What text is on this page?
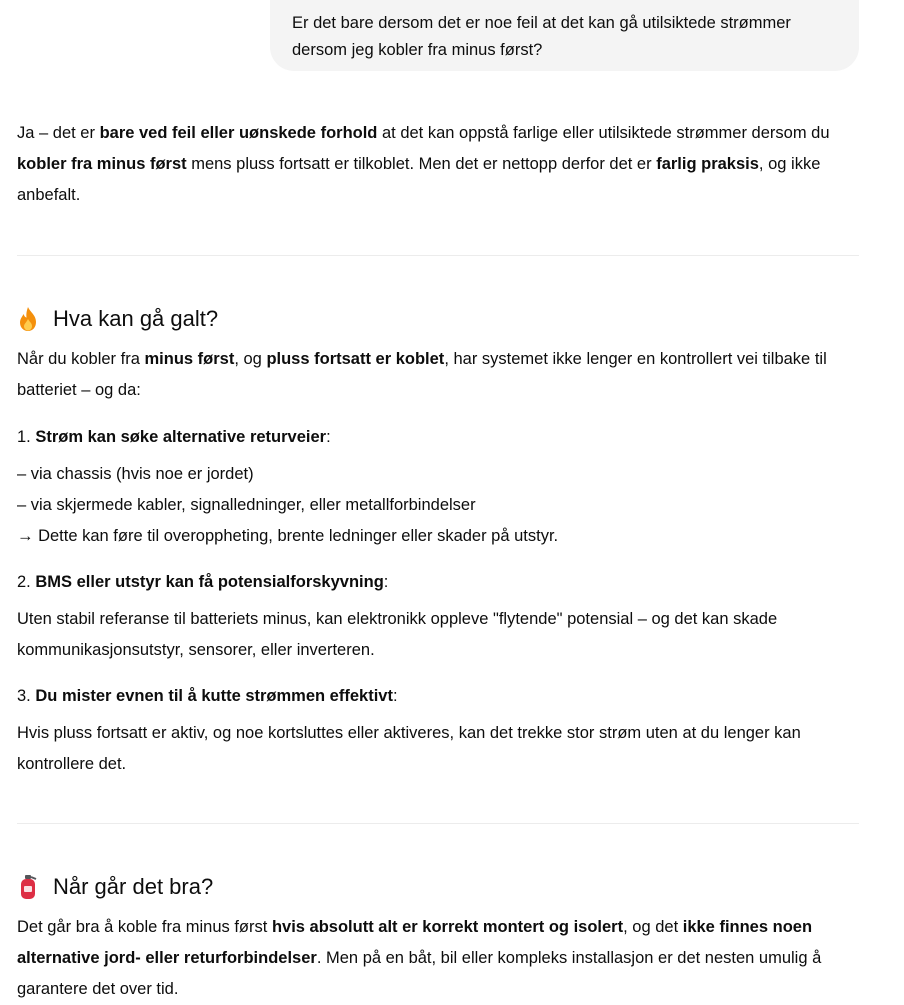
Er det bare dersom det er noe feil at det kan gå utilsiktede strømmer dersom jeg kobler fra minus først?

Ja – det er bare ved feil eller uønskede forhold at det kan oppstå farlige eller utilsiktede strømmer dersom du kobler fra minus først mens pluss fortsatt er tilkoblet. Men det er nettopp derfor det er farlig praksis, og ikke anbefalt.

Hva kan gå galt?

Når du kobler fra minus først, og pluss fortsatt er koblet, har systemet ikke lenger en kontrollert vei tilbake til batteriet – og da:

1. Strøm kan søke alternative returveier:

– via chassis (hvis noe er jordet)

– via skjermede kabler, signalledninger, eller metallforbindelser

→ Dette kan føre til overoppheting, brente ledninger eller skader på utstyr.

2. BMS eller utstyr kan få potensialforskyvning:

Uten stabil referanse til batteriets minus, kan elektronikk oppleve "flytende" potensial – og det kan skade kommunikasjonsutstyr, sensorer, eller inverteren.

3. Du mister evnen til å kutte strømmen effektivt:

Hvis pluss fortsatt er aktiv, og noe kortsluttes eller aktiveres, kan det trekke stor strøm uten at du lenger kan kontrollere det.

Når går det bra?

Det går bra å koble fra minus først hvis absolutt alt er korrekt montert og isolert, og det ikke finnes noen alternative jord- eller returforbindelser. Men på en båt, bil eller kompleks installasjon er det nesten umulig å garantere det over tid.
